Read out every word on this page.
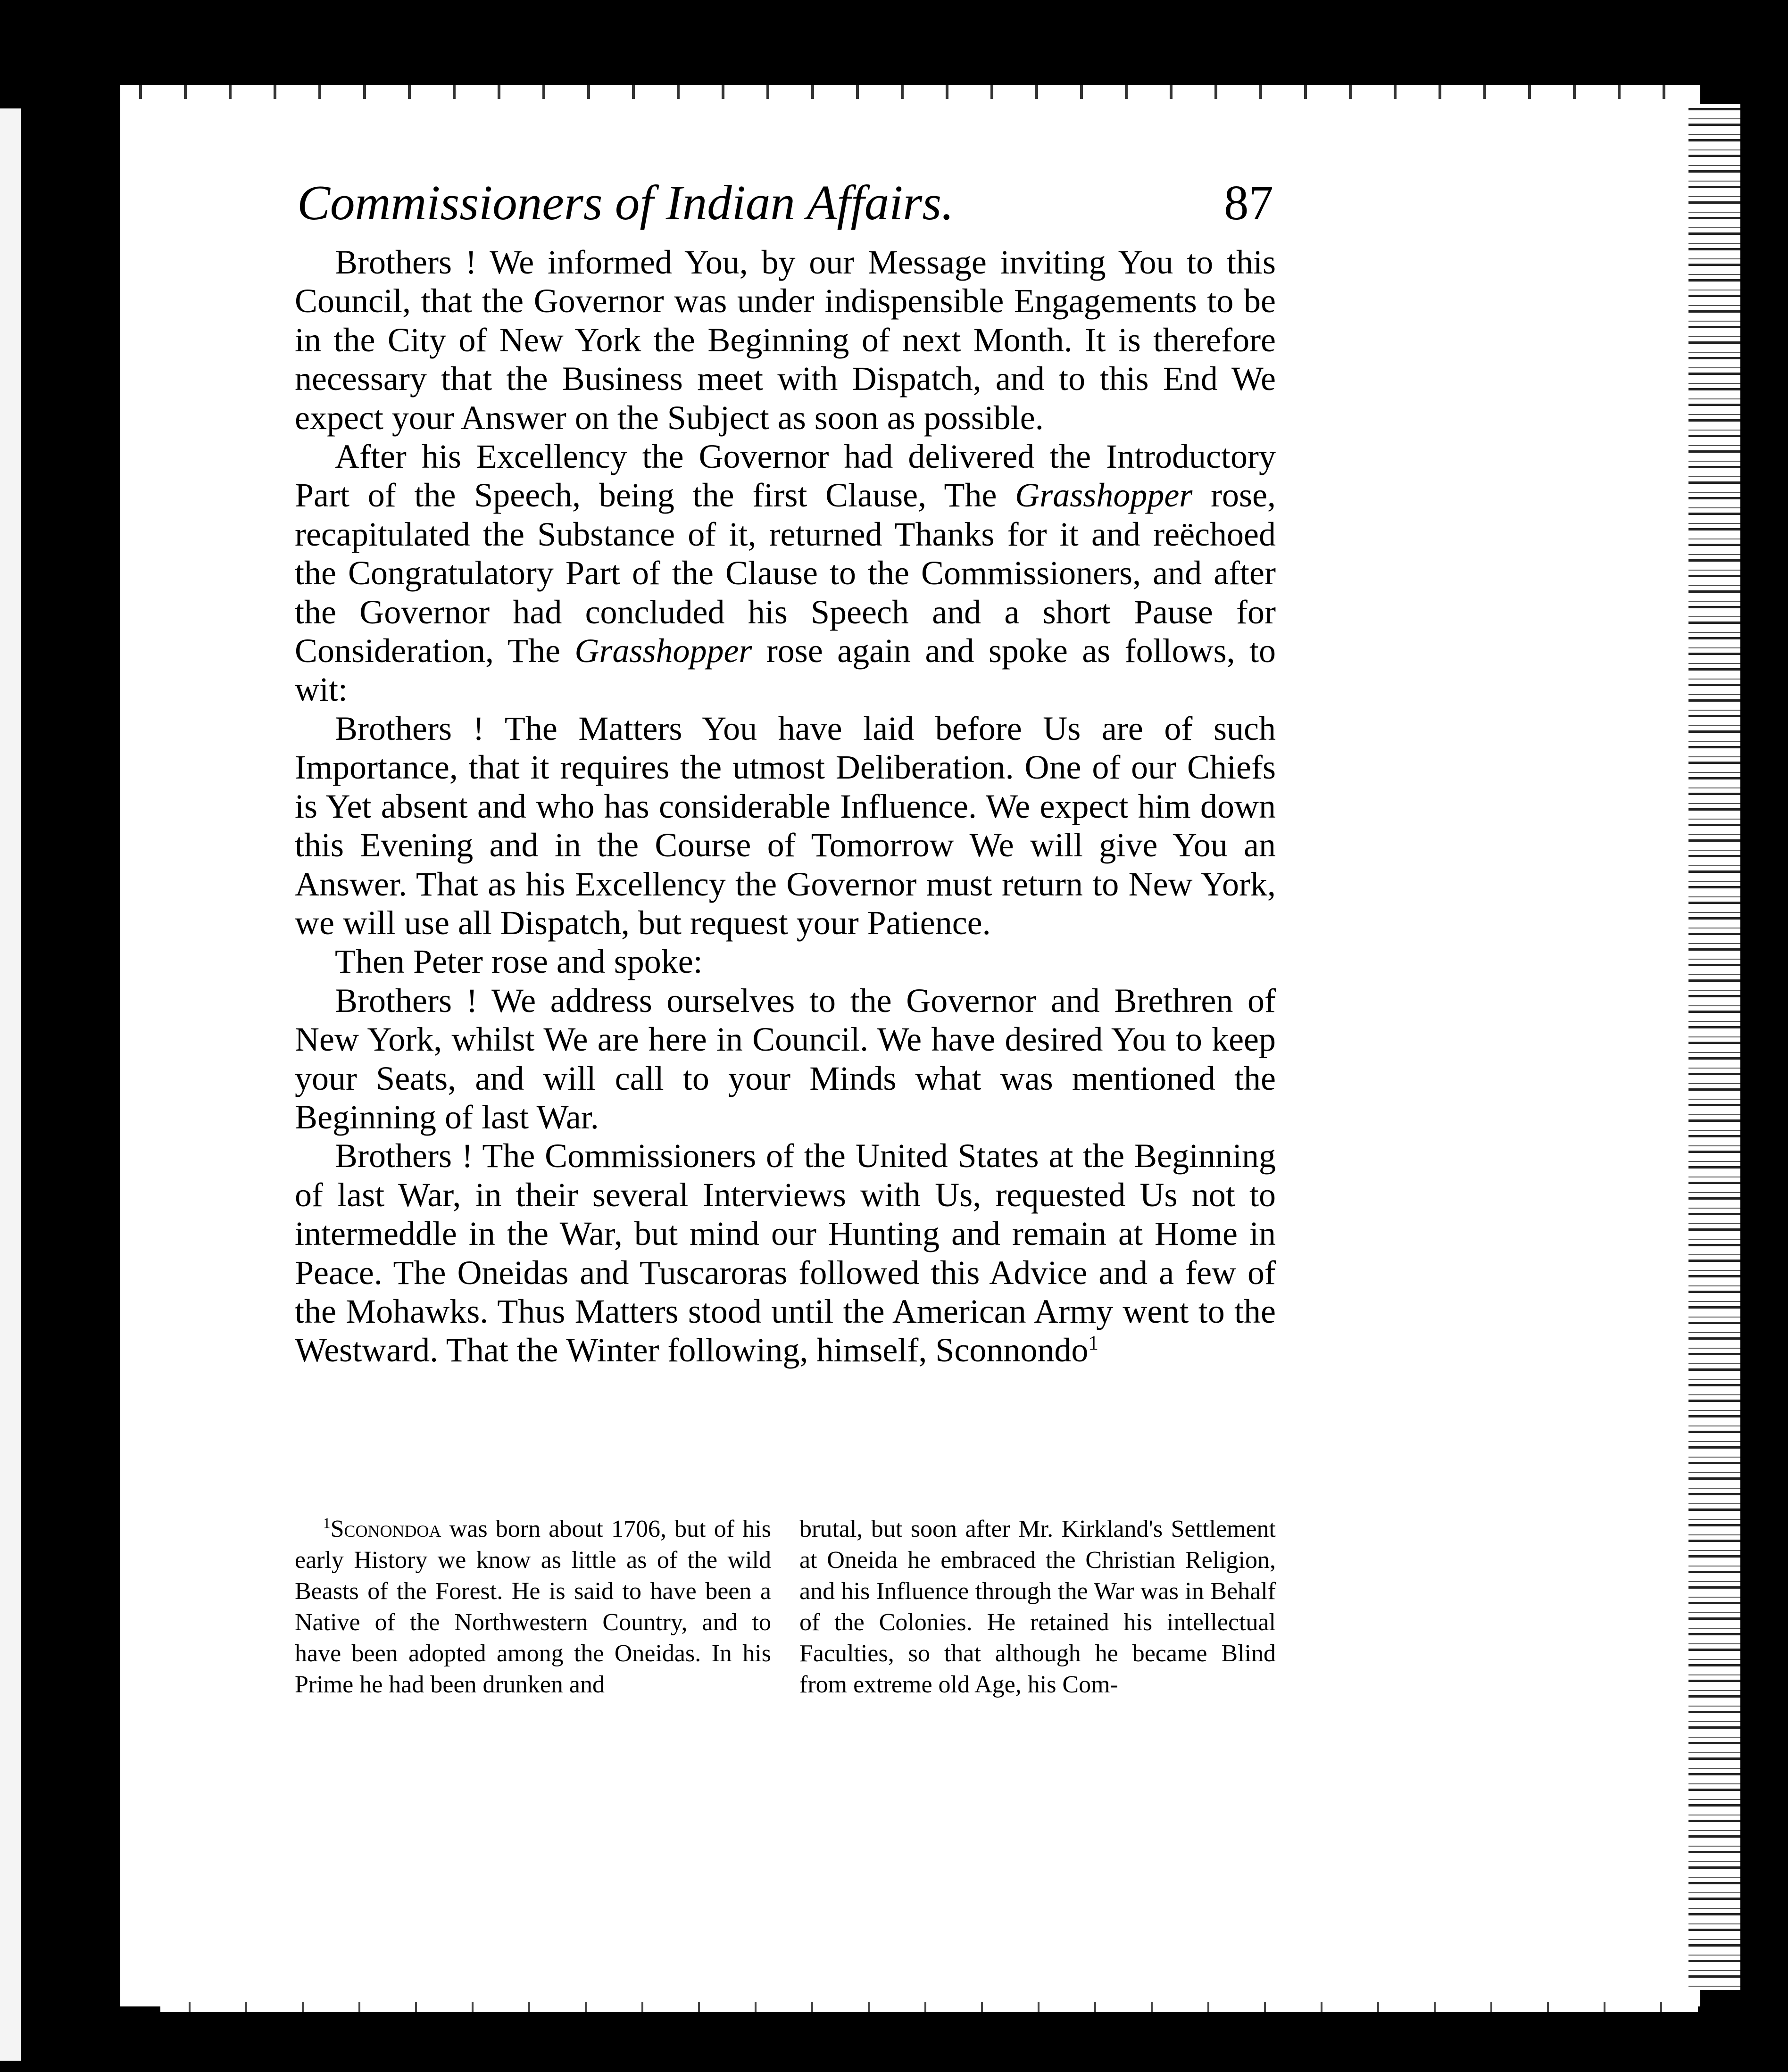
Commissioners of Indian Affairs.	87

Brothers ! We informed You, by our Message inviting You to this Council, that the Governor was under indispensible Engagements to be in the City of New York the Beginning of next Month. It is therefore necessary that the Business meet with Dispatch, and to this End We expect your Answer on the Subject as soon as possible.

After his Excellency the Governor had delivered the Introductory Part of the Speech, being the first Clause, The Grasshopper rose, recapitulated the Substance of it, returned Thanks for it and reëchoed the Congratulatory Part of the Clause to the Commissioners, and after the Governor had concluded his Speech and a short Pause for Consideration, The Grasshopper rose again and spoke as follows, to wit:

Brothers ! The Matters You have laid before Us are of such Importance, that it requires the utmost Deliberation. One of our Chiefs is Yet absent and who has considerable Influence. We expect him down this Evening and in the Course of Tomorrow We will give You an Answer. That as his Excellency the Governor must return to New York, we will use all Dispatch, but request your Patience.

Then Peter rose and spoke:

Brothers ! We address ourselves to the Governor and Brethren of New York, whilst We are here in Council. We have desired You to keep your Seats, and will call to your Minds what was mentioned the Beginning of last War.

Brothers ! The Commissioners of the United States at the Beginning of last War, in their several Interviews with Us, requested Us not to intermeddle in the War, but mind our Hunting and remain at Home in Peace. The Oneidas and Tuscaroras followed this Advice and a few of the Mohawks. Thus Matters stood until the American Army went to the Westward. That the Winter following, himself, Sconnondo$^1$

$^1$Sconondoa was born about 1706, but of his early History we know as little as of the wild Beasts of the Forest. He is said to have been a Native of the Northwestern Country, and to have been adopted among the Oneidas. In his Prime he had been drunken and

brutal, but soon after Mr. Kirkland's Settlement at Oneida he embraced the Christian Religion, and his Influence through the War was in Behalf of the Colonies. He retained his intellectual Faculties, so that although he became Blind from extreme old Age, his Com-
